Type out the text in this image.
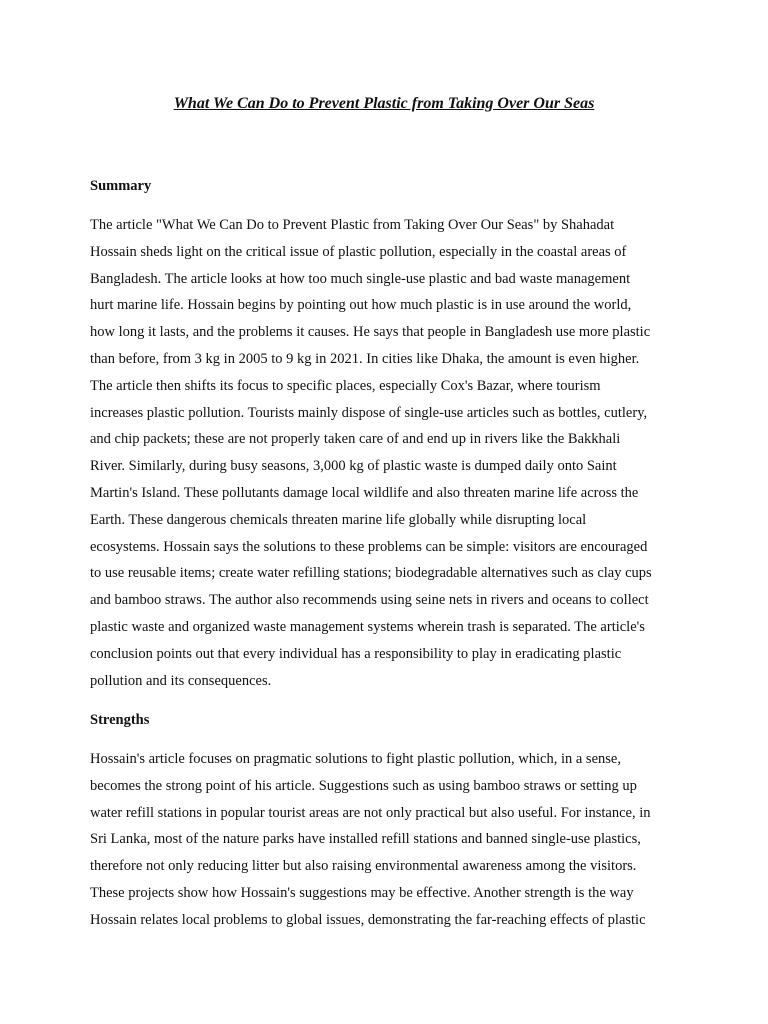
What We Can Do to Prevent Plastic from Taking Over Our Seas
Summary
The article "What We Can Do to Prevent Plastic from Taking Over Our Seas" by Shahadat
Hossain sheds light on the critical issue of plastic pollution, especially in the coastal areas of
Bangladesh. The article looks at how too much single-use plastic and bad waste management
hurt marine life. Hossain begins by pointing out how much plastic is in use around the world,
how long it lasts, and the problems it causes. He says that people in Bangladesh use more plastic
than before, from 3 kg in 2005 to 9 kg in 2021. In cities like Dhaka, the amount is even higher.
The article then shifts its focus to specific places, especially Cox's Bazar, where tourism
increases plastic pollution. Tourists mainly dispose of single-use articles such as bottles, cutlery,
and chip packets; these are not properly taken care of and end up in rivers like the Bakkhali
River. Similarly, during busy seasons, 3,000 kg of plastic waste is dumped daily onto Saint
Martin's Island. These pollutants damage local wildlife and also threaten marine life across the
Earth. These dangerous chemicals threaten marine life globally while disrupting local
ecosystems. Hossain says the solutions to these problems can be simple: visitors are encouraged
to use reusable items; create water refilling stations; biodegradable alternatives such as clay cups
and bamboo straws. The author also recommends using seine nets in rivers and oceans to collect
plastic waste and organized waste management systems wherein trash is separated. The article's
conclusion points out that every individual has a responsibility to play in eradicating plastic
pollution and its consequences.
Strengths
Hossain's article focuses on pragmatic solutions to fight plastic pollution, which, in a sense,
becomes the strong point of his article. Suggestions such as using bamboo straws or setting up
water refill stations in popular tourist areas are not only practical but also useful. For instance, in
Sri Lanka, most of the nature parks have installed refill stations and banned single-use plastics,
therefore not only reducing litter but also raising environmental awareness among the visitors.
These projects show how Hossain's suggestions may be effective. Another strength is the way
Hossain relates local problems to global issues, demonstrating the far-reaching effects of plastic
